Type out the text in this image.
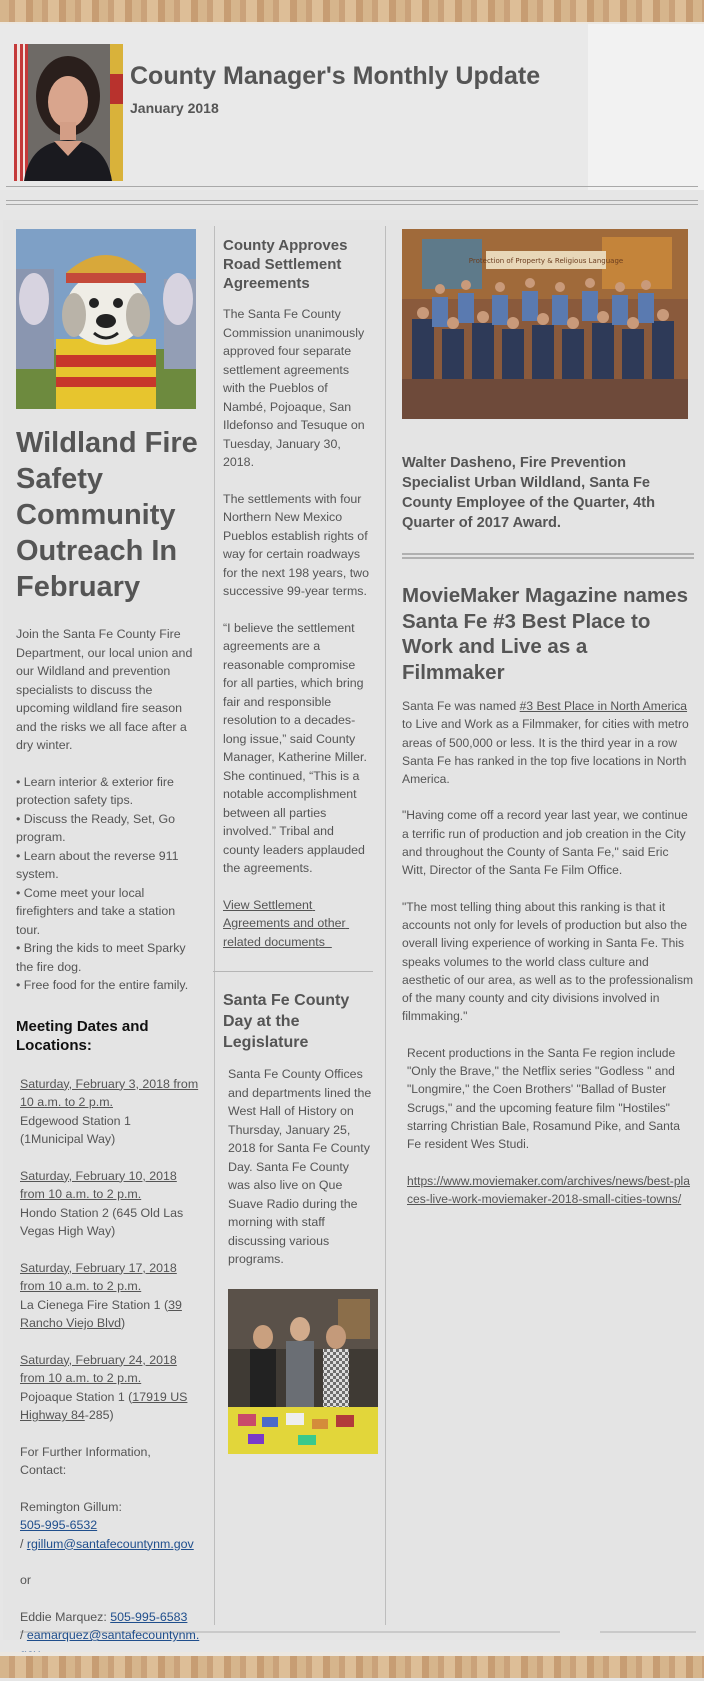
County Manager's Monthly Update

January 2018

Wildland Fire Safety Community Outreach In February

Join the Santa Fe County Fire Department, our local union and our Wildland and prevention specialists to discuss the upcoming wildland fire season and the risks we all face after a dry winter.

• Learn interior & exterior fire protection safety tips.

• Discuss the Ready, Set, Go program.

• Learn about the reverse 911 system.

• Come meet your local firefighters and take a station tour.

• Bring the kids to meet Sparky the fire dog.

• Free food for the entire family.

Meeting Dates and Locations:
Saturday, February 3, 2018 from 10 a.m. to 2 p.m.
Edgewood Station 1
(1Municipal Way)
Saturday, February 10, 2018 from 10 a.m. to 2 p.m.
Hondo Station 2 (645 Old Las Vegas High Way)
Saturday, February 17, 2018 from 10 a.m. to 2 p.m.
La Cienega Fire Station 1 (39 Rancho Viejo Blvd)
Saturday, February 24, 2018 from 10 a.m. to 2 p.m.
Pojoaque Station 1 (17919 US Highway 84-285)

For Further Information, Contact:

Remington Gillum:
505-995-6532
/ rgillum@santafecountynm.gov

or

Eddie Marquez: 505-995-6583
/ eamarquez@santafecountynm.

County Approves Road Settlement Agreements

The Santa Fe County Commission unanimously approved four separate settlement agreements with the Pueblos of Nambé, Pojoaque, San Ildefonso and Tesuque on Tuesday, January 30, 2018.

The settlements with four Northern New Mexico Pueblos establish rights of way for certain roadways for the next 198 years, two successive 99-year terms.

“I believe the settlement agreements are a reasonable compromise for all parties, which bring fair and responsible resolution to a decades-long issue,” said County Manager, Katherine Miller. She continued, “This is a notable accomplishment between all parties involved.” Tribal and county leaders applauded the agreements.

View Settlement Agreements and other related documents
Santa Fe County Day at the Legislature

Santa Fe County Offices and departments lined the West Hall of History on Thursday, January 25, 2018 for Santa Fe County Day. Santa Fe County was also live on Que Suave Radio during the morning with staff discussing various programs.

Protection of Property & Religious Language

Walter Dasheno, Fire Prevention Specialist Urban Wildland, Santa Fe County Employee of the Quarter, 4th Quarter of 2017 Award.

MovieMaker Magazine names Santa Fe #3 Best Place to Work and Live as a Filmmaker

Santa Fe was named #3 Best Place in North America to Live and Work as a Filmmaker, for cities with metro areas of 500,000 or less. It is the third year in a row Santa Fe has ranked in the top five locations in North America.

"Having come off a record year last year, we continue a terrific run of production and job creation in the City and throughout the County of Santa Fe," said Eric Witt, Director of the Santa Fe Film Office.

"The most telling thing about this ranking is that it accounts not only for levels of production but also the overall living experience of working in Santa Fe. This speaks volumes to the world class culture and aesthetic of our area, as well as to the professionalism of the many county and city divisions involved in filmmaking."

Recent productions in the Santa Fe region include "Only the Brave," the Netflix series "Godless " and "Longmire," the Coen Brothers' "Ballad of Buster Scrugs," and the upcoming feature film "Hostiles" starring Christian Bale, Rosamund Pike, and Santa Fe resident Wes Studi.

https://www.moviemaker.com/archives/news/best-places-live-work-moviemaker-2018-small-cities-towns/
